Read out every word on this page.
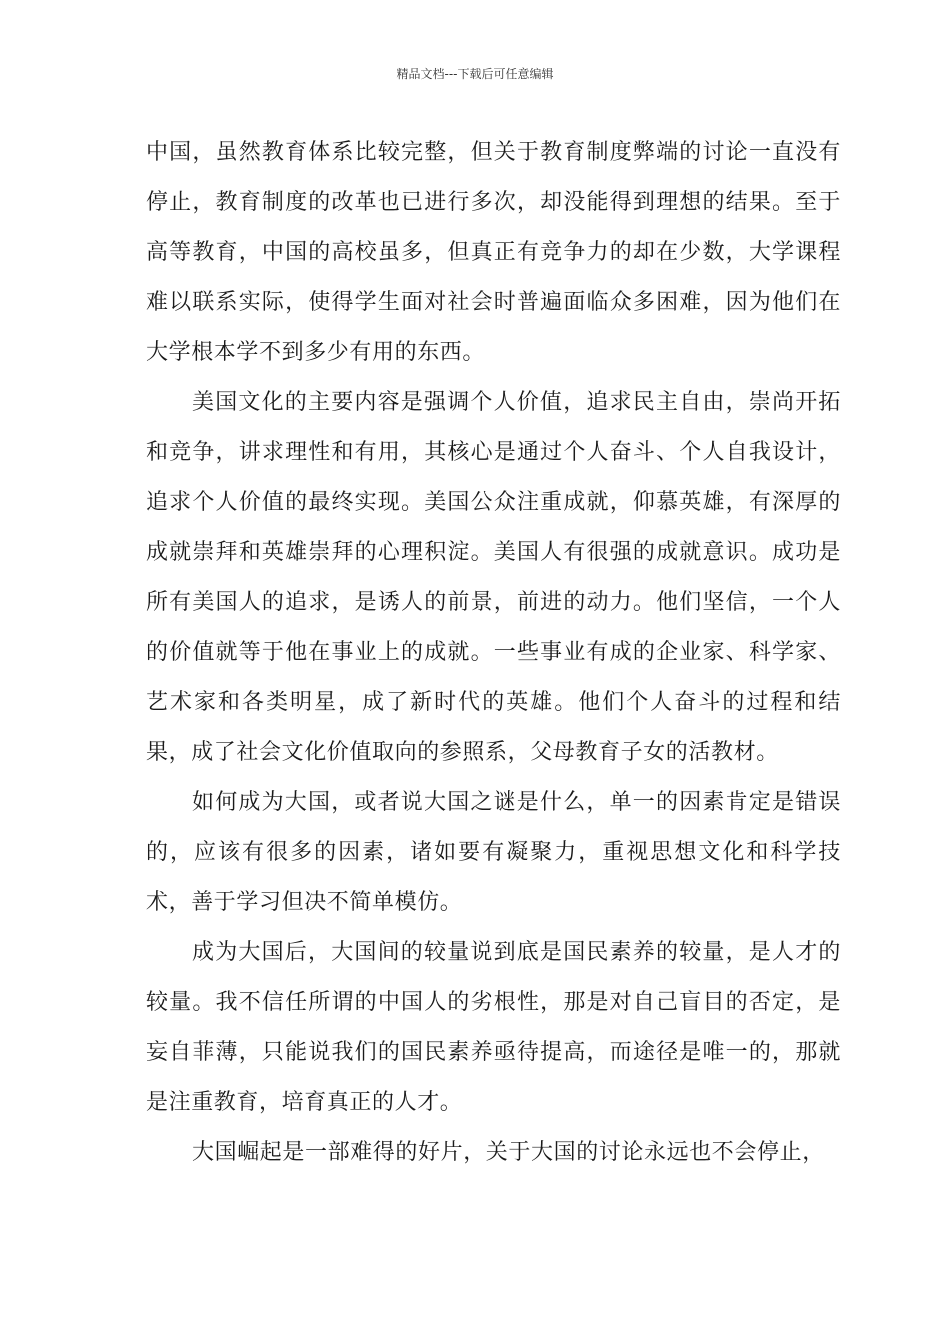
精品文档---下载后可任意编辑

中国，虽然教育体系比较完整，但关于教育制度弊端的讨论一直没有停止，教育制度的改革也已进行多次，却没能得到理想的结果。至于高等教育，中国的高校虽多，但真正有竞争力的却在少数，大学课程难以联系实际，使得学生面对社会时普遍面临众多困难，因为他们在大学根本学不到多少有用的东西。

美国文化的主要内容是强调个人价值，追求民主自由，崇尚开拓和竞争，讲求理性和有用，其核心是通过个人奋斗、个人自我设计，追求个人价值的最终实现。美国公众注重成就，仰慕英雄，有深厚的成就崇拜和英雄崇拜的心理积淀。美国人有很强的成就意识。成功是所有美国人的追求，是诱人的前景，前进的动力。他们坚信，一个人的价值就等于他在事业上的成就。一些事业有成的企业家、科学家、艺术家和各类明星，成了新时代的英雄。他们个人奋斗的过程和结果，成了社会文化价值取向的参照系，父母教育子女的活教材。

如何成为大国，或者说大国之谜是什么，单一的因素肯定是错误的，应该有很多的因素，诸如要有凝聚力，重视思想文化和科学技术，善于学习但决不简单模仿。

成为大国后，大国间的较量说到底是国民素养的较量，是人才的较量。我不信任所谓的中国人的劣根性，那是对自己盲目的否定，是妄自菲薄，只能说我们的国民素养亟待提高，而途径是唯一的，那就是注重教育，培育真正的人才。

大国崛起是一部难得的好片，关于大国的讨论永远也不会停止，
